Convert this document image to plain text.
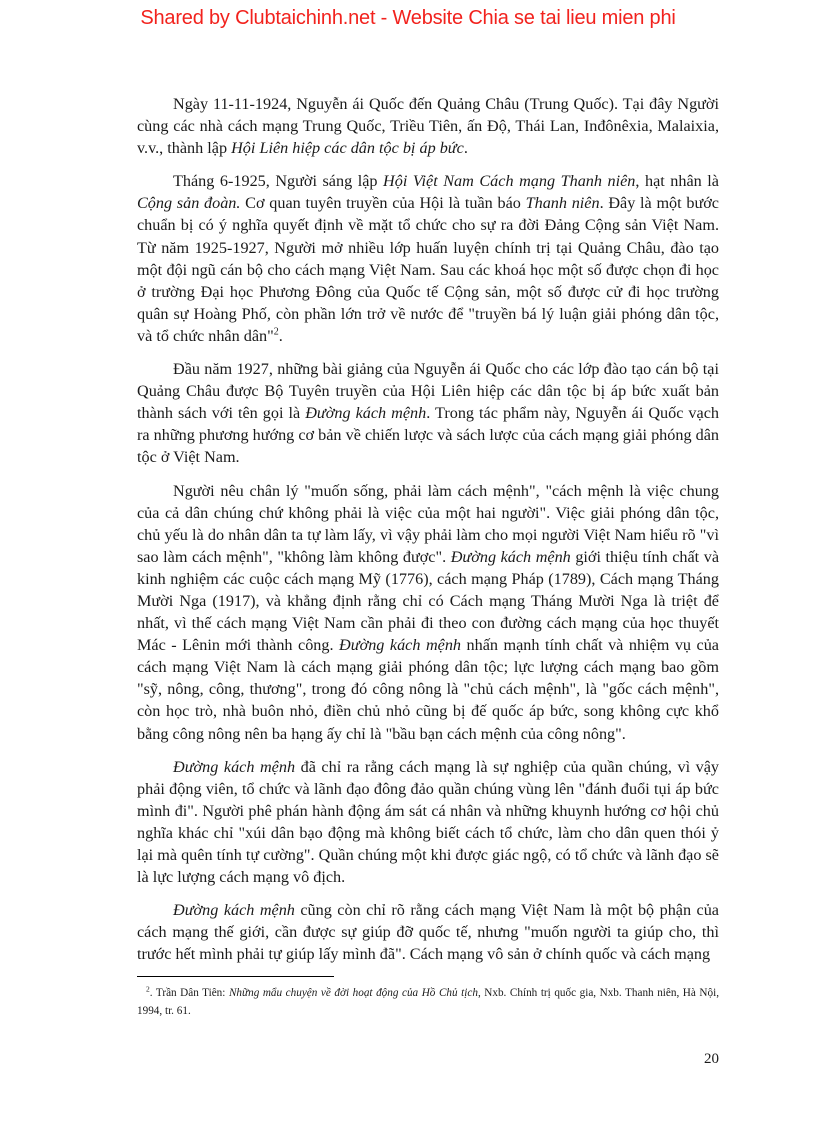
Shared by Clubtaichinh.net - Website Chia se tai lieu mien phi

Ngày 11-11-1924, Nguyễn ái Quốc đến Quảng Châu (Trung Quốc). Tại đây Người cùng các nhà cách mạng Trung Quốc, Triều Tiên, ấn Độ, Thái Lan, Inđônêxia, Malaixia, v.v., thành lập Hội Liên hiệp các dân tộc bị áp bức.

Tháng 6-1925, Người sáng lập Hội Việt Nam Cách mạng Thanh niên, hạt nhân là Cộng sản đoàn. Cơ quan tuyên truyền của Hội là tuần báo Thanh niên. Đây là một bước chuẩn bị có ý nghĩa quyết định về mặt tổ chức cho sự ra đời Đảng Cộng sản Việt Nam. Từ năm 1925-1927, Người mở nhiều lớp huấn luyện chính trị tại Quảng Châu, đào tạo một đội ngũ cán bộ cho cách mạng Việt Nam. Sau các khoá học một số được chọn đi học ở trường Đại học Phương Đông của Quốc tế Cộng sản, một số được cử đi học trường quân sự Hoàng Phố, còn phần lớn trở về nước để "truyền bá lý luận giải phóng dân tộc, và tổ chức nhân dân"$^2$.

Đầu năm 1927, những bài giảng của Nguyễn ái Quốc cho các lớp đào tạo cán bộ tại Quảng Châu được Bộ Tuyên truyền của Hội Liên hiệp các dân tộc bị áp bức xuất bản thành sách với tên gọi là Đường kách mệnh. Trong tác phẩm này, Nguyễn ái Quốc vạch ra những phương hướng cơ bản về chiến lược và sách lược của cách mạng giải phóng dân tộc ở Việt Nam.

Người nêu chân lý "muốn sống, phải làm cách mệnh", "cách mệnh là việc chung của cả dân chúng chứ không phải là việc của một hai người". Việc giải phóng dân tộc, chủ yếu là do nhân dân ta tự làm lấy, vì vậy phải làm cho mọi người Việt Nam hiểu rõ "vì sao làm cách mệnh", "không làm không được". Đường kách mệnh giới thiệu tính chất và kinh nghiệm các cuộc cách mạng Mỹ (1776), cách mạng Pháp (1789), Cách mạng Tháng Mười Nga (1917), và khẳng định rằng chỉ có Cách mạng Tháng Mười Nga là triệt để nhất, vì thế cách mạng Việt Nam cần phải đi theo con đường cách mạng của học thuyết Mác - Lênin mới thành công. Đường kách mệnh nhấn mạnh tính chất và nhiệm vụ của cách mạng Việt Nam là cách mạng giải phóng dân tộc; lực lượng cách mạng bao gồm "sỹ, nông, công, thương", trong đó công nông là "chủ cách mệnh", là "gốc cách mệnh", còn học trò, nhà buôn nhỏ, điền chủ nhỏ cũng bị đế quốc áp bức, song không cực khổ bằng công nông nên ba hạng ấy chỉ là "bầu bạn cách mệnh của công nông".

Đường kách mệnh đã chỉ ra rằng cách mạng là sự nghiệp của quần chúng, vì vậy phải động viên, tổ chức và lãnh đạo đông đảo quần chúng vùng lên "đánh đuổi tụi áp bức mình đi". Người phê phán hành động ám sát cá nhân và những khuynh hướng cơ hội chủ nghĩa khác chỉ "xúi dân bạo động mà không biết cách tổ chức, làm cho dân quen thói ỷ lại mà quên tính tự cường". Quần chúng một khi được giác ngộ, có tổ chức và lãnh đạo sẽ là lực lượng cách mạng vô địch.

Đường kách mệnh cũng còn chỉ rõ rằng cách mạng Việt Nam là một bộ phận của cách mạng thế giới, cần được sự giúp đỡ quốc tế, nhưng "muốn người ta giúp cho, thì trước hết mình phải tự giúp lấy mình đã". Cách mạng vô sản ở chính quốc và cách mạng

$^2$. Trần Dân Tiên: Những mẩu chuyện về đời hoạt động của Hồ Chủ tịch, Nxb. Chính trị quốc gia, Nxb. Thanh niên, Hà Nội, 1994, tr. 61.
20
